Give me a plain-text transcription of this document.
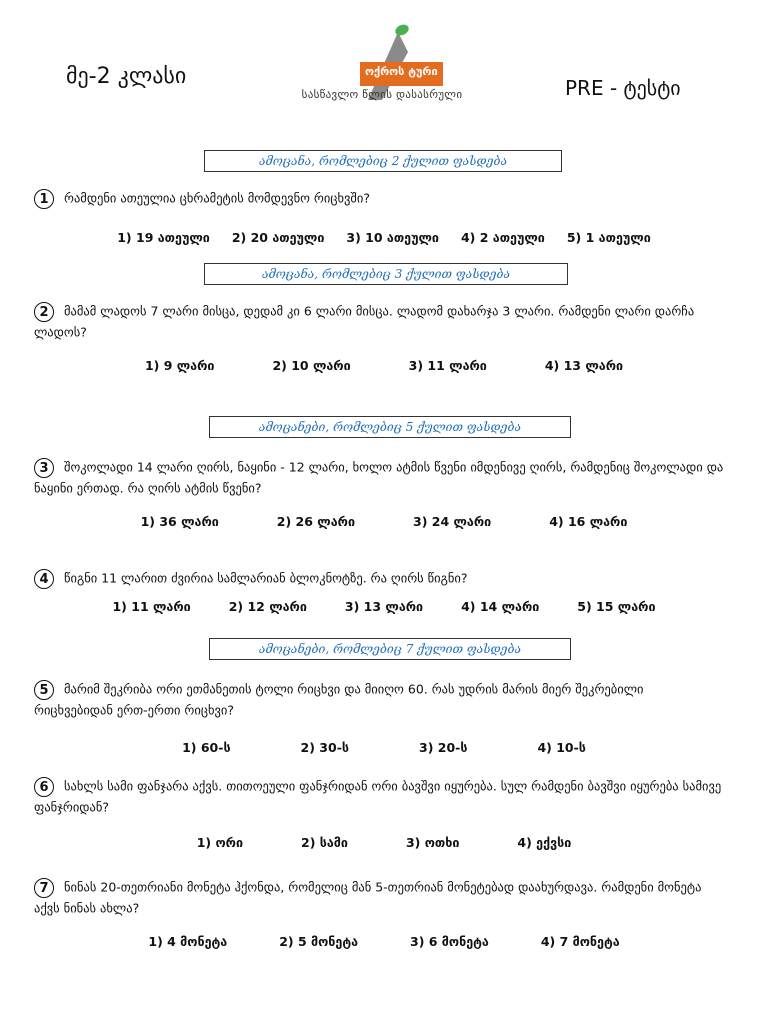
მე-2 კლასი	ოქროს ტური
სასწავლო წლის დასასრული	PRE - ტესტი
ამოცანა, რომლებიც 2 ქულით ფასდება
1 რამდენი ათეულია ცხრამეტის მომდევნო რიცხვში?
1) 19 ათეული 2) 20 ათეული 3) 10 ათეული 4) 2 ათეული 5) 1 ათეული
ამოცანა, რომლებიც 3 ქულით ფასდება
2 მამამ ლადოს 7 ლარი მისცა, დედამ კი 6 ლარი მისცა. ლადომ დახარჯა 3 ლარი. რამდენი ლარი დარჩა ლადოს?
1) 9 ლარი	2) 10 ლარი	3) 11 ლარი	4) 13 ლარი
ამოცანები, რომლებიც 5 ქულით ფასდება
3 შოკოლადი 14 ლარი ღირს, ნაყინი - 12 ლარი, ხოლო ატმის წვენი იმდენივე ღირს, რამდენიც შოკოლადი და ნაყინი ერთად. რა ღირს ატმის წვენი?
1) 36 ლარი	2) 26 ლარი	3) 24 ლარი	4) 16 ლარი
4 წიგნი 11 ლარით ძვირია სამლარიან ბლოკნოტზე. რა ღირს წიგნი?
1) 11 ლარი	2) 12 ლარი	3) 13 ლარი	4) 14 ლარი	5) 15 ლარი
ამოცანები, რომლებიც 7 ქულით ფასდება
5 მარიმ შეკრიბა ორი ეთმანეთის ტოლი რიცხვი და მიიღო 60. რას უდრის მარის მიერ შეკრებილი რიცხვებიდან ერთ-ერთი რიცხვი?
1) 60-ს	2) 30-ს	3) 20-ს	4) 10-ს
6 სახლს სამი ფანჯარა აქვს. თითოეული ფანჯრიდან ორი ბავშვი იყურება. სულ რამდენი ბავშვი იყურება სამივე ფანჯრიდან?
1) ორი	2) სამი	3) ოთხი	4) ექვსი
7 ნინას 20-თეთრიანი მონეტა ჰქონდა, რომელიც მან 5-თეთრიან მონეტებად დაახურდავა. რამდენი მონეტა აქვს ნინას ახლა?
1) 4 მონეტა	2) 5 მონეტა	3) 6 მონეტა	4) 7 მონეტა
